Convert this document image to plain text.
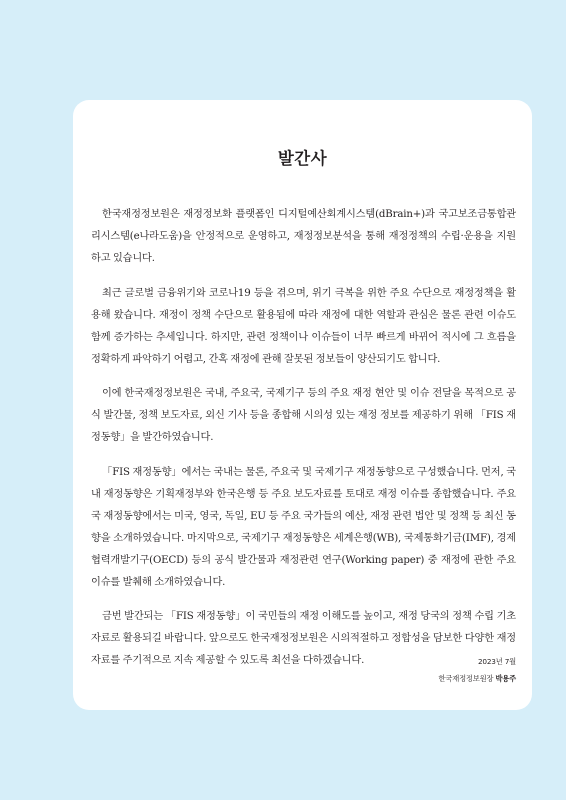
발간사

한국재정정보원은 재정정보화 플랫폼인 디지털예산회계시스템(dBrain+)과 국고보조금통합관리시스템(e나라도움)을 안정적으로 운영하고, 재정정보분석을 통해 재정정책의 수립·운용을 지원하고 있습니다.

최근 글로벌 금융위기와 코로나19 등을 겪으며, 위기 극복을 위한 주요 수단으로 재정정책을 활용해 왔습니다. 재정이 정책 수단으로 활용됨에 따라 재정에 대한 역할과 관심은 물론 관련 이슈도 함께 증가하는 추세입니다. 하지만, 관련 정책이나 이슈들이 너무 빠르게 바뀌어 적시에 그 흐름을 정확하게 파악하기 어렵고, 간혹 재정에 관해 잘못된 정보들이 양산되기도 합니다.

이에 한국재정정보원은 국내, 주요국, 국제기구 등의 주요 재정 현안 및 이슈 전달을 목적으로 공식 발간물, 정책 보도자료, 외신 기사 등을 종합해 시의성 있는 재정 정보를 제공하기 위해 「FIS 재정동향」을 발간하였습니다.

「FIS 재정동향」에서는 국내는 물론, 주요국 및 국제기구 재정동향으로 구성했습니다. 먼저, 국내 재정동향은 기획재정부와 한국은행 등 주요 보도자료를 토대로 재정 이슈를 종합했습니다. 주요국 재정동향에서는 미국, 영국, 독일, EU 등 주요 국가들의 예산, 재정 관련 법안 및 정책 등 최신 동향을 소개하였습니다. 마지막으로, 국제기구 재정동향은 세계은행(WB), 국제통화기금(IMF), 경제협력개발기구(OECD) 등의 공식 발간물과 재정관련 연구(Working paper) 중 재정에 관한 주요 이슈를 발췌해 소개하였습니다.

금번 발간되는 「FIS 재정동향」이 국민들의 재정 이해도를 높이고, 재정 당국의 정책 수립 기초자료로 활용되길 바랍니다. 앞으로도 한국재정정보원은 시의적절하고 정합성을 담보한 다양한 재정자료를 주기적으로 지속 제공할 수 있도록 최선을 다하겠습니다.	2023년 7월
한국재정정보원장 박용주
